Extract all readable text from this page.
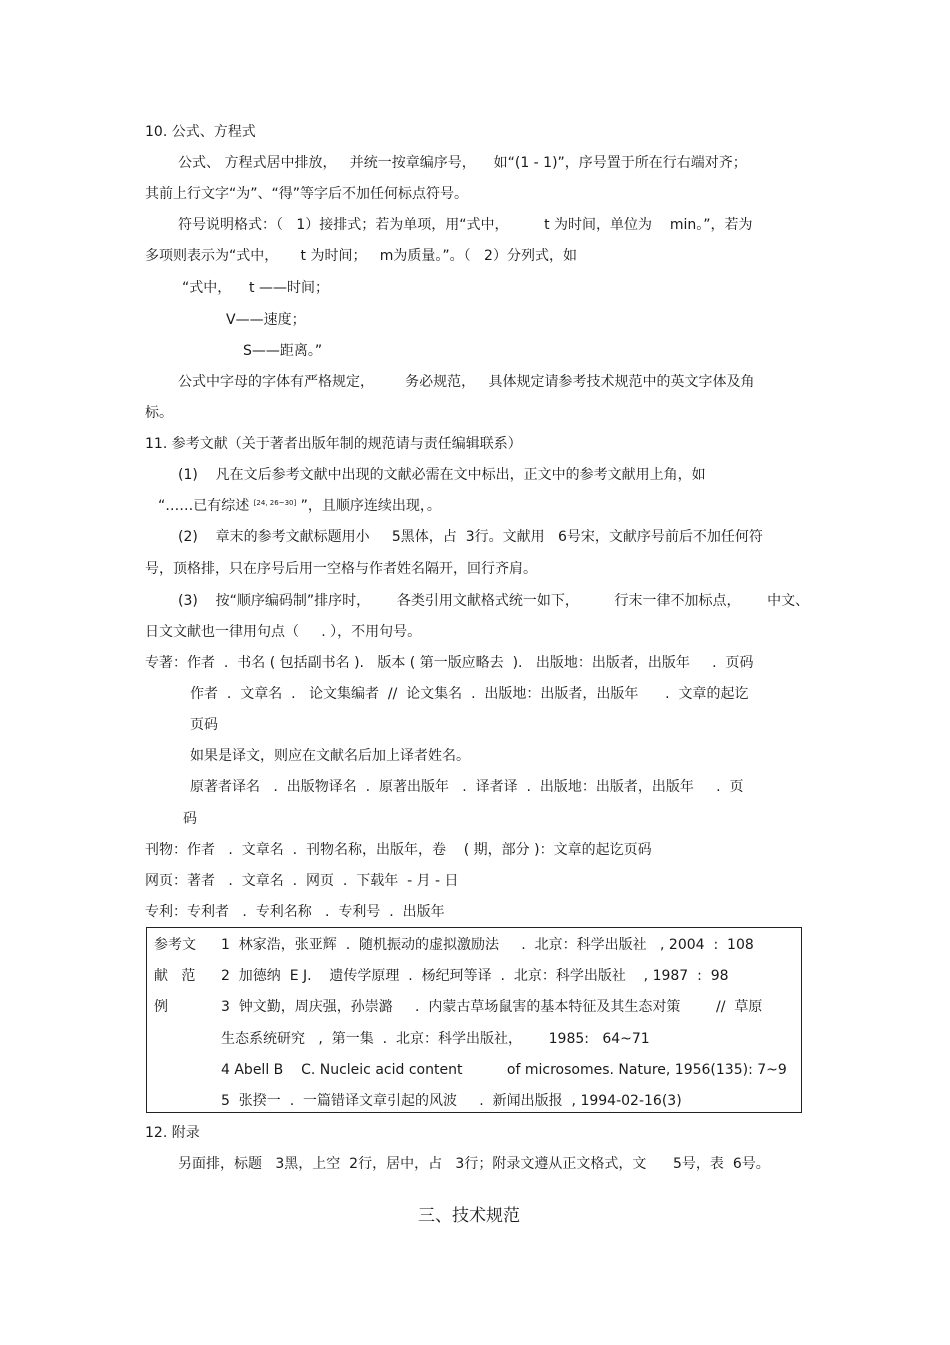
10. 公式、方程式
公式、 方程式居中排放，   并统一按章编序号，    如“(1 - 1)”，序号置于所在行右端对齐；
其前上行文字“为”、“得”等字后不加任何标点符号。
符号说明格式：（   1）接排式；若为单项，用“式中，        t 为时间，单位为    min。”，若为
多项则表示为“式中，     t 为时间；   m为质量。”。（   2）分列式，如
“式中，    t ——时间；
V——速度；
S——距离。”
公式中字母的字体有严格规定，       务必规范，   具体规定请参考技术规范中的英文字体及角
标。
11. 参考文献（关于著者出版年制的规范请与责任编辑联系）
(1)    凡在文后参考文献中出现的文献必需在文中标出，正文中的参考文献用上角，如
“……已有综述 [24, 26~30] ”，且顺序连续出现，。
(2)    章末的参考文献标题用小     5黑体，占  3行。文献用   6号宋，文献序号前后不加任何符
号，顶格排，只在序号后用一空格与作者姓名隔开，回行齐肩。
(3)    按“顺序编码制”排序时，      各类引用文献格式统一如下，        行末一律不加标点，      中文、
日文文献也一律用句点（     . ），不用句号。
专著：作者  .  书名 ( 包括副书名 ).   版本 ( 第一版应略去  ).   出版地：出版者，出版年     .  页码
作者  .  文章名  .   论文集编者  //  论文集名  .  出版地：出版者，出版年      .  文章的起讫
页码
如果是译文，则应在文献名后加上译者姓名。
原著者译名   .  出版物译名  .  原著出版年   .  译者译  .  出版地：出版者，出版年     .  页
码
刊物：作者   .  文章名  .  刊物名称，出版年，卷    ( 期，部分 )：文章的起讫页码
网页：著者   .  文章名  .  网页  .  下载年  - 月 - 日
专利：专利者   .  专利名称   .  专利号  .  出版年
参考文
献   范
例
1  林家浩，张亚辉  .  随机振动的虚拟激励法     .  北京：科学出版社   , 2004  :  108
2  加德纳  E J.    遗传学原理  .  杨纪珂等译  .  北京：科学出版社    , 1987  :  98
3  钟文勤，周庆强，孙崇潞     .  内蒙古草场鼠害的基本特征及其生态对策        //  草原
生态系统研究   ,  第一集  .  北京：科学出版社，      1985:   64~71
4 Abell B    C. Nucleic acid content          of microsomes. Nature, 1956(135): 7~9
5  张揆一  .  一篇错译文章引起的风波     .  新闻出版报  , 1994-02-16(3)
12. 附录
另面排，标题   3黑，上空  2行，居中，占   3行；附录文遵从正文格式，文      5号，表  6号。
三、技术规范
